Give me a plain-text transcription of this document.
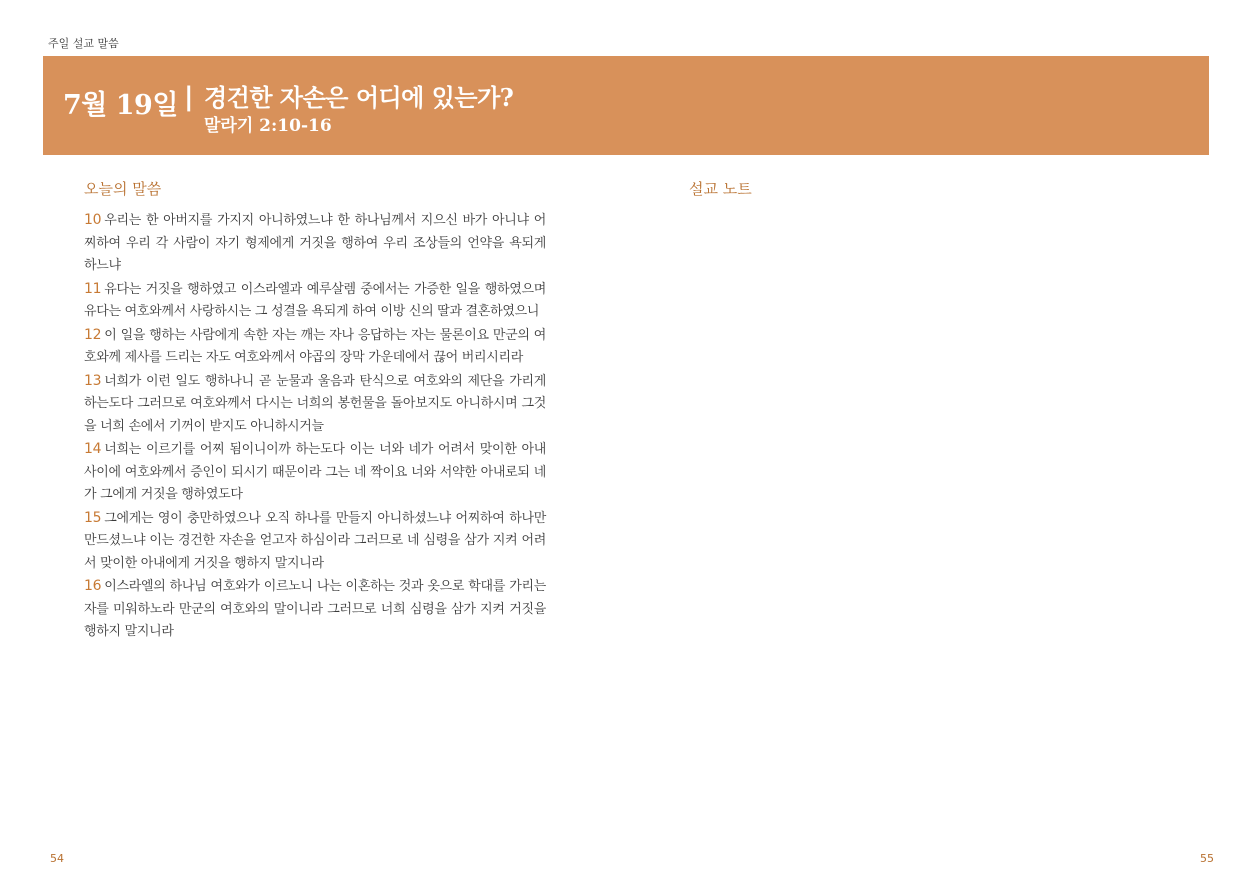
주일 설교 말씀
7월 19일 | 경건한 자손은 어디에 있는가?
말라기 2:10-16
오늘의 말씀	설교 노트

10 우리는 한 아버지를 가지지 아니하였느냐 한 하나님께서 지으신 바가 아니냐 어찌하여 우리 각 사람이 자기 형제에게 거짓을 행하여 우리 조상들의 언약을 욕되게 하느냐

11 유다는 거짓을 행하였고 이스라엘과 예루살렘 중에서는 가증한 일을 행하였으며 유다는 여호와께서 사랑하시는 그 성결을 욕되게 하여 이방 신의 딸과 결혼하였으니

12 이 일을 행하는 사람에게 속한 자는 깨는 자나 응답하는 자는 물론이요 만군의 여호와께 제사를 드리는 자도 여호와께서 야곱의 장막 가운데에서 끊어 버리시리라

13 너희가 이런 일도 행하나니 곧 눈물과 울음과 탄식으로 여호와의 제단을 가리게 하는도다 그러므로 여호와께서 다시는 너희의 봉헌물을 돌아보지도 아니하시며 그것을 너희 손에서 기꺼이 받지도 아니하시거늘

14 너희는 이르기를 어찌 됨이니이까 하는도다 이는 너와 네가 어려서 맞이한 아내 사이에 여호와께서 증인이 되시기 때문이라 그는 네 짝이요 너와 서약한 아내로되 네가 그에게 거짓을 행하였도다

15 그에게는 영이 충만하였으나 오직 하나를 만들지 아니하셨느냐 어찌하여 하나만 만드셨느냐 이는 경건한 자손을 얻고자 하심이라 그러므로 네 심령을 삼가 지켜 어려서 맞이한 아내에게 거짓을 행하지 말지니라

16 이스라엘의 하나님 여호와가 이르노니 나는 이혼하는 것과 옷으로 학대를 가리는 자를 미워하노라 만군의 여호와의 말이니라 그러므로 너희 심령을 삼가 지켜 거짓을 행하지 말지니라

54	55
